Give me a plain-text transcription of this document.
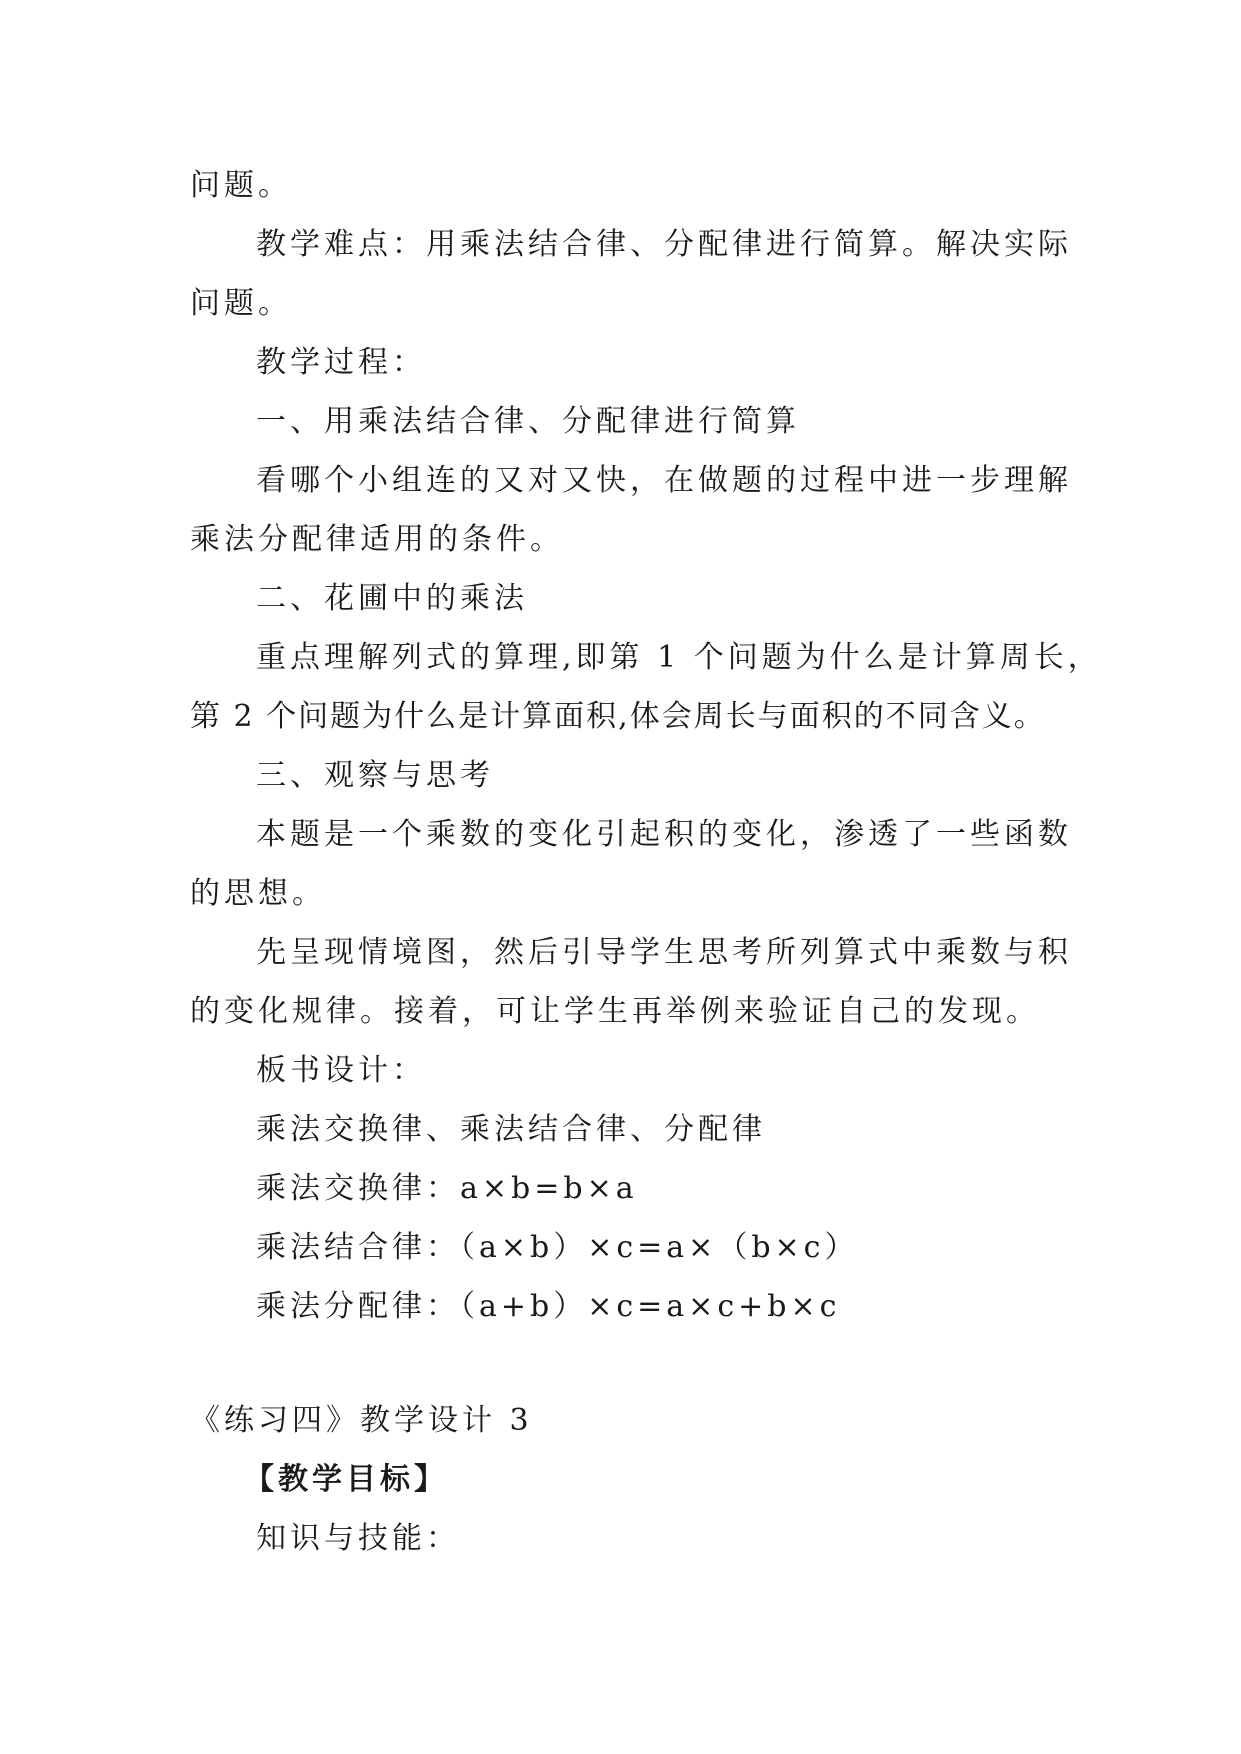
问题。

教学难点：用乘法结合律、分配律进行简算。解决实际
问题。

教学过程：

一、用乘法结合律、分配律进行简算

看哪个小组连的又对又快，在做题的过程中进一步理解
乘法分配律适用的条件。

二、花圃中的乘法

重点理解列式的算理,即第 1 个问题为什么是计算周长，
第 2 个问题为什么是计算面积,体会周长与面积的不同含义。

三、观察与思考

本题是一个乘数的变化引起积的变化，渗透了一些函数
的思想。

先呈现情境图，然后引导学生思考所列算式中乘数与积
的变化规律。接着，可让学生再举例来验证自己的发现。

板书设计：

乘法交换律、乘法结合律、分配律

乘法交换律：a×b=b×a

乘法结合律：（a×b）×c=a×（b×c）

乘法分配律：（a+b）×c=a×c+b×c

《练习四》教学设计 3

【教学目标】

知识与技能：
